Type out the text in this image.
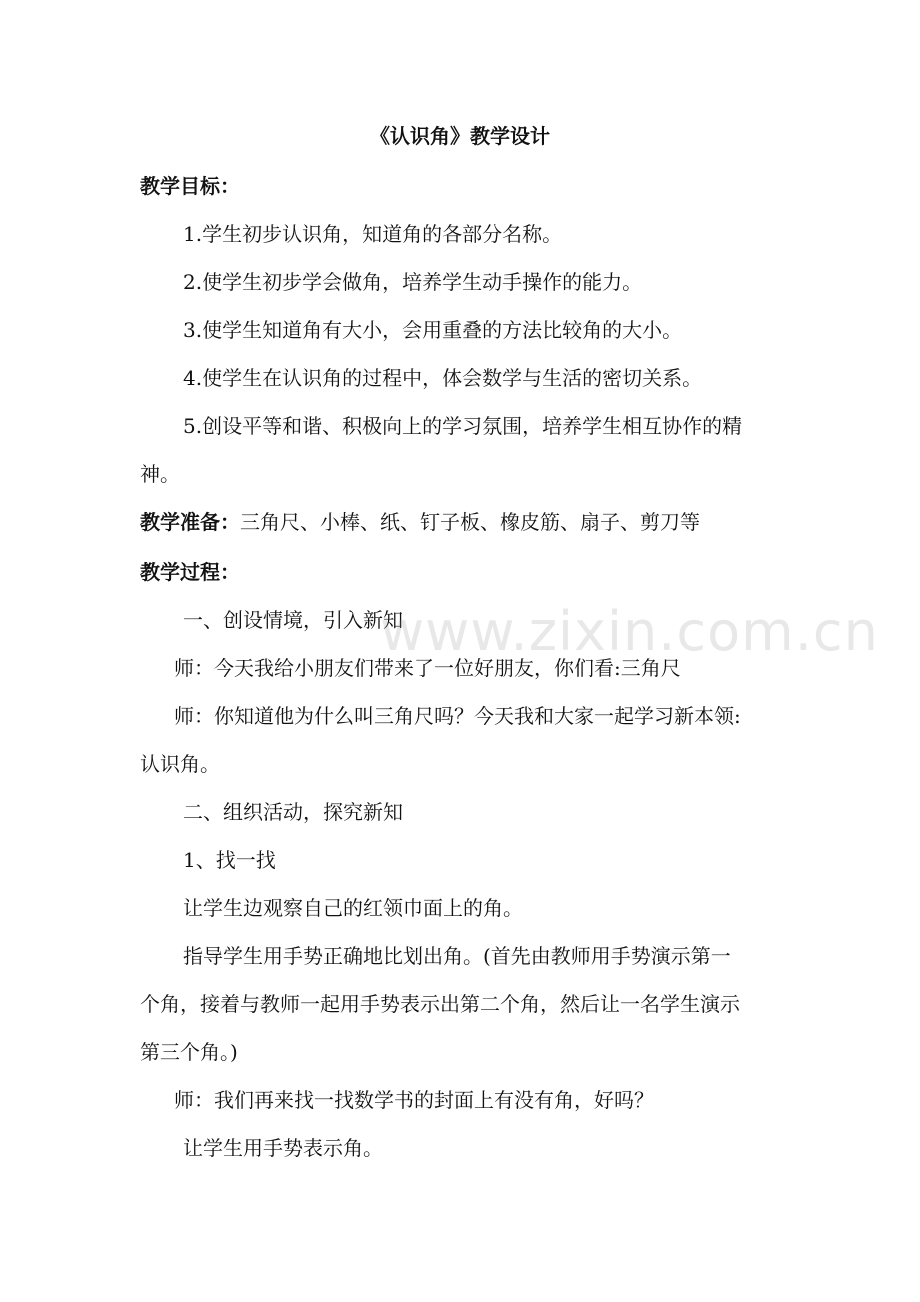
《认识角》教学设计
教学目标：
1.学生初步认识角，知道角的各部分名称。
2.使学生初步学会做角，培养学生动手操作的能力。
3.使学生知道角有大小，会用重叠的方法比较角的大小。
4.使学生在认识角的过程中，体会数学与生活的密切关系。
5.创设平等和谐、积极向上的学习氛围，培养学生相互协作的精
神。
教学准备：三角尺、小棒、纸、钉子板、橡皮筋、扇子、剪刀等
教学过程：
一、创设情境，引入新知
师：今天我给小朋友们带来了一位好朋友，你们看:三角尺
师：你知道他为什么叫三角尺吗？今天我和大家一起学习新本领:
认识角。
二、组织活动，探究新知
1、找一找
让学生边观察自己的红领巾面上的角。
指导学生用手势正确地比划出角。(首先由教师用手势演示第一
个角，接着与教师一起用手势表示出第二个角，然后让一名学生演示
第三个角。)
师：我们再来找一找数学书的封面上有没有角，好吗？
让学生用手势表示角。
www.zixin.com.cn
